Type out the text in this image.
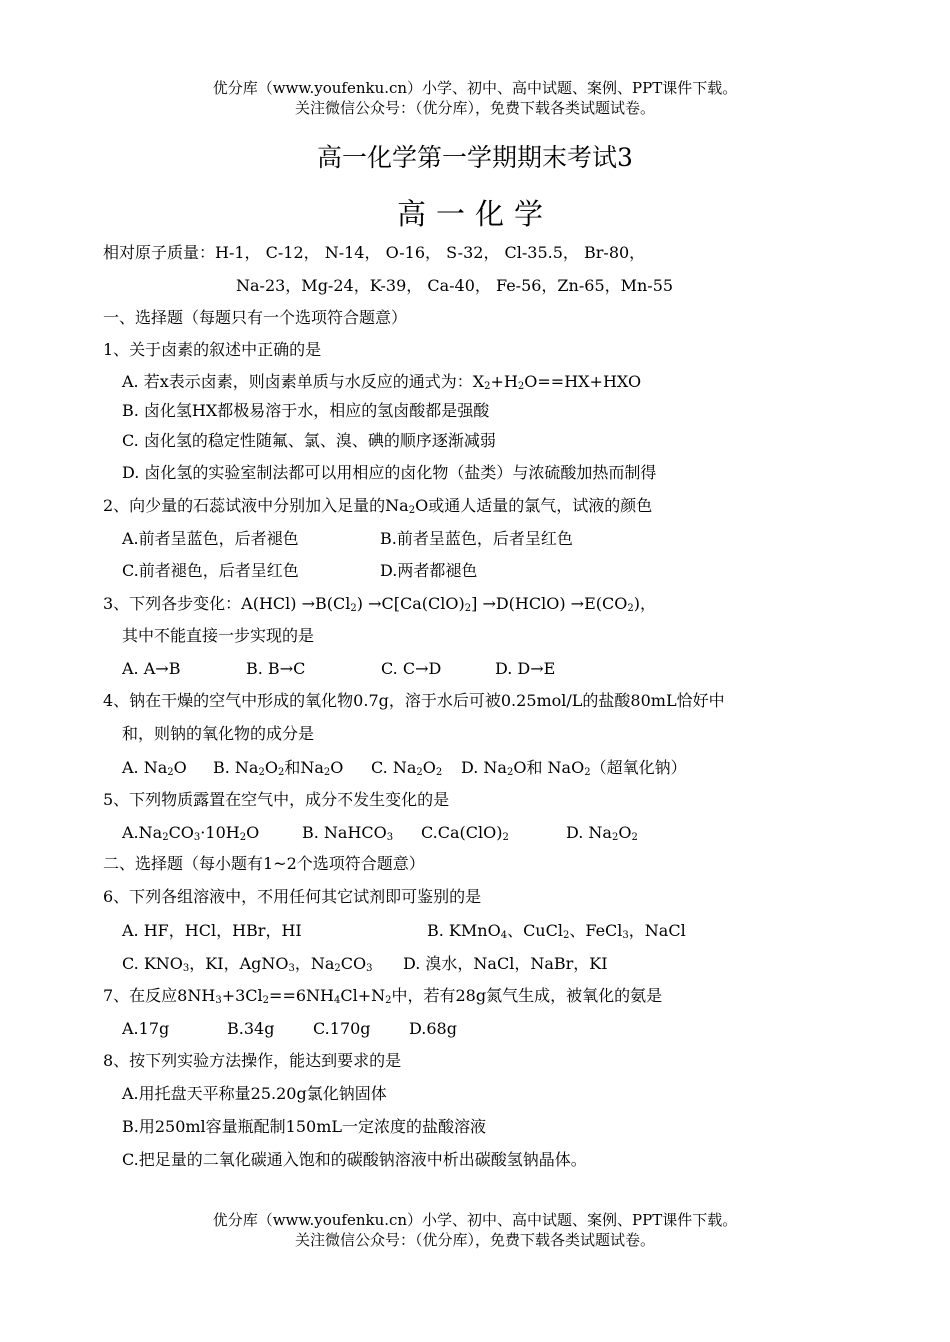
优分库（www.youfenku.cn）小学、初中、高中试题、案例、PPT课件下载。
关注微信公众号：（优分库），免费下载各类试题试卷。
高一化学第一学期期末考试3
高一化学
相对原子质量：H-1， C-12， N-14， O-16， S-32， Cl-35.5， Br-80，
Na-23，Mg-24，K-39， Ca-40， Fe-56，Zn-65，Mn-55
一、选择题（每题只有一个选项符合题意）
1、关于卤素的叙述中正确的是
A. 若x表示卤素，则卤素单质与水反应的通式为：$X_2+H_2O==HX+HXO$
B. 卤化氢HX都极易溶于水，相应的氢卤酸都是强酸
C. 卤化氢的稳定性随氟、氯、溴、碘的顺序逐渐减弱
D. 卤化氢的实验室制法都可以用相应的卤化物（盐类）与浓硫酸加热而制得
2、向少量的石蕊试液中分别加入足量的$Na_2O$或通人适量的氯气，试液的颜色
A.前者呈蓝色，后者褪色	B.前者呈蓝色，后者呈红色
C.前者褪色，后者呈红色	D.两者都褪色
3、下列各步变化：$A(HCl) \to B(Cl_2) \to C[Ca(ClO)_2]$ →D(HClO) $\to E(CO_2)$，
其中不能直接一步实现的是
A. A→B	B. B→C	C. C→D	D. D→E
4、钠在干燥的空气中形成的氧化物0.7g，溶于水后可被0.25mol/L的盐酸80mL恰好中
和，则钠的氧化物的成分是
A. $Na_2O$ B. $Na_2O_2$和$Na_2O$ C. $Na_2O_2$ D. $Na_2O$和 NaO$_2$（超氧化钠）
5、下列物质露置在空气中，成分不发生变化的是
$A.Na_2CO_3\cdot 10H_2O$	B. NaHCO$_3$ $C.Ca(ClO)_2$	D. $Na_2O_2$
二、选择题（每小题有1~2个选项符合题意）
6、下列各组溶液中，不用任何其它试剂即可鉴别的是
A. HF，HCl，HBr，HI	B. KMnO$_4$、CuCl$_2$、FeCl$_3$，NaCl
C. $KNO_3$，KI，AgNO$_3$，$Na_2CO_3$ D. 溴水，NaCl，NaBr，KI
7、在反应$8NH_3+3Cl_2==6NH_4Cl+N_2$中，若有28g氮气生成，被氧化的氨是
A.17g	B.34g C.170g D.68g
8、按下列实验方法操作，能达到要求的是
A.用托盘天平称量25.20g氯化钠固体
B.用250ml容量瓶配制150mL一定浓度的盐酸溶液
C.把足量的二氧化碳通入饱和的碳酸钠溶液中析出碳酸氢钠晶体。
优分库（www.youfenku.cn）小学、初中、高中试题、案例、PPT课件下载。
关注微信公众号：（优分库），免费下载各类试题试卷。
